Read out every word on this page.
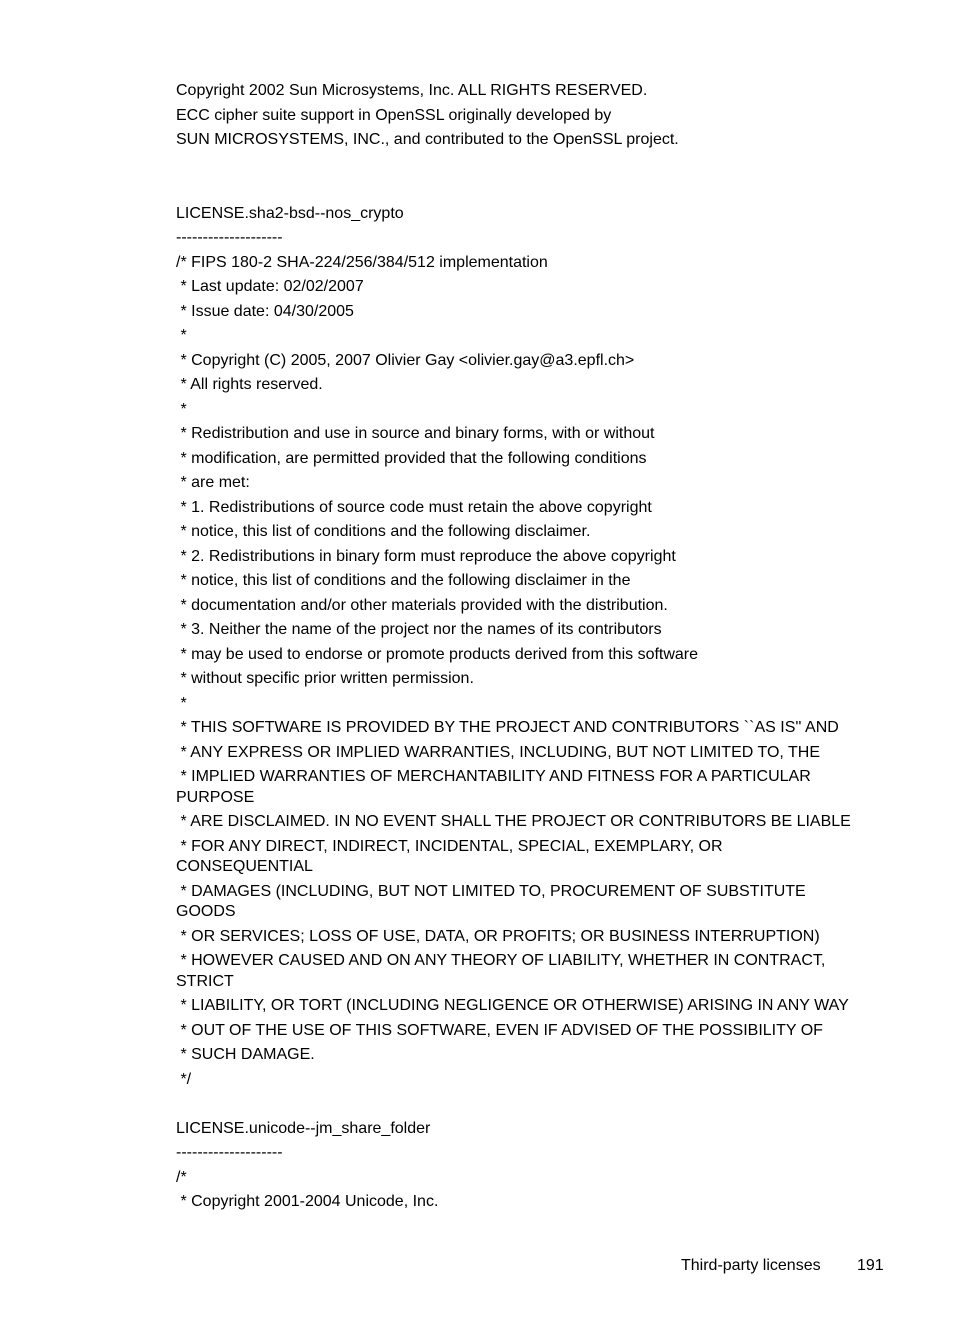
Copyright 2002 Sun Microsystems, Inc. ALL RIGHTS RESERVED.
ECC cipher suite support in OpenSSL originally developed by
SUN MICROSYSTEMS, INC., and contributed to the OpenSSL project.
LICENSE.sha2-bsd--nos_crypto
--------------------
/* FIPS 180-2 SHA-224/256/384/512 implementation
* Last update: 02/02/2007
* Issue date: 04/30/2005
*
* Copyright (C) 2005, 2007 Olivier Gay <olivier.gay@a3.epfl.ch>
* All rights reserved.
*
* Redistribution and use in source and binary forms, with or without
* modification, are permitted provided that the following conditions
* are met:
* 1. Redistributions of source code must retain the above copyright
* notice, this list of conditions and the following disclaimer.
* 2. Redistributions in binary form must reproduce the above copyright
* notice, this list of conditions and the following disclaimer in the
* documentation and/or other materials provided with the distribution.
* 3. Neither the name of the project nor the names of its contributors
* may be used to endorse or promote products derived from this software
* without specific prior written permission.
*
* THIS SOFTWARE IS PROVIDED BY THE PROJECT AND CONTRIBUTORS ``AS IS'' AND
* ANY EXPRESS OR IMPLIED WARRANTIES, INCLUDING, BUT NOT LIMITED TO, THE
* IMPLIED WARRANTIES OF MERCHANTABILITY AND FITNESS FOR A PARTICULAR
PURPOSE
* ARE DISCLAIMED. IN NO EVENT SHALL THE PROJECT OR CONTRIBUTORS BE LIABLE
* FOR ANY DIRECT, INDIRECT, INCIDENTAL, SPECIAL, EXEMPLARY, OR
CONSEQUENTIAL
* DAMAGES (INCLUDING, BUT NOT LIMITED TO, PROCUREMENT OF SUBSTITUTE
GOODS
* OR SERVICES; LOSS OF USE, DATA, OR PROFITS; OR BUSINESS INTERRUPTION)
* HOWEVER CAUSED AND ON ANY THEORY OF LIABILITY, WHETHER IN CONTRACT,
STRICT
* LIABILITY, OR TORT (INCLUDING NEGLIGENCE OR OTHERWISE) ARISING IN ANY WAY
* OUT OF THE USE OF THIS SOFTWARE, EVEN IF ADVISED OF THE POSSIBILITY OF
* SUCH DAMAGE.
*/
LICENSE.unicode--jm_share_folder
--------------------
/*
* Copyright 2001-2004 Unicode, Inc.
Third-party licenses 191
